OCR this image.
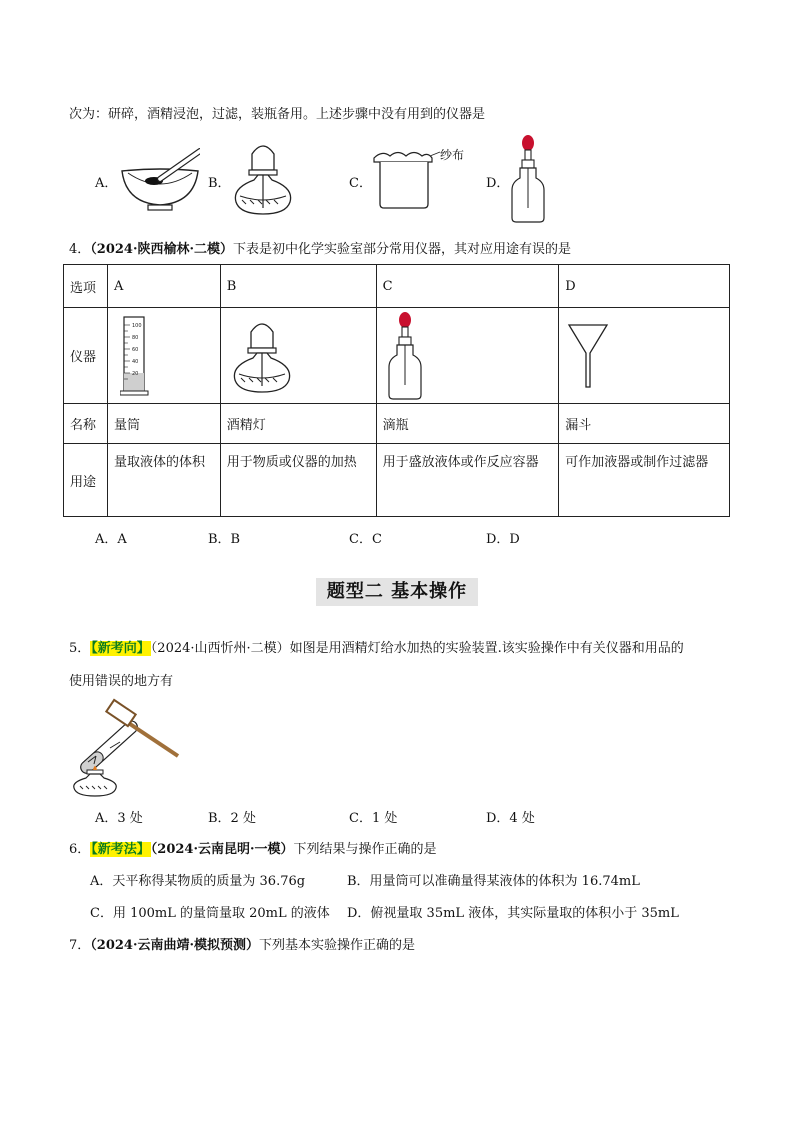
次为：研碎，酒精浸泡，过滤，装瓶备用。上述步骤中没有用到的仪器是
A．	B．	C．
纱布
D．
4．（2024·陕西榆林·二模）下表是初中化学实验室部分常用仪器，其对应用途有误的是
选项	A	B	C	D
仪器	100
80
60
40
20

名称	量筒	酒精灯	滴瓶	漏斗
用途	量取液体的体积	用于物质或仪器的加热	用于盛放液体或作反应容器	可作加液器或制作过滤器
A．A	B．B	C．C	D．D
题型二 基本操作
5．【新考向】（2024·山西忻州·二模）如图是用酒精灯给水加热的实验装置.该实验操作中有关仪器和用品的
使用错误的地方有
A．3 处	B．2 处	C．1 处	D．4 处
6．【新考法】（2024·云南昆明·一模）下列结果与操作正确的是
A．天平称得某物质的质量为 36.76g	B．用量筒可以准确量得某液体的体积为 16.74mL
C．用 100mL 的量筒量取 20mL 的液体 D．俯视量取 35mL 液体，其实际量取的体积小于 35mL
7．（2024·云南曲靖·模拟预测）下列基本实验操作正确的是
